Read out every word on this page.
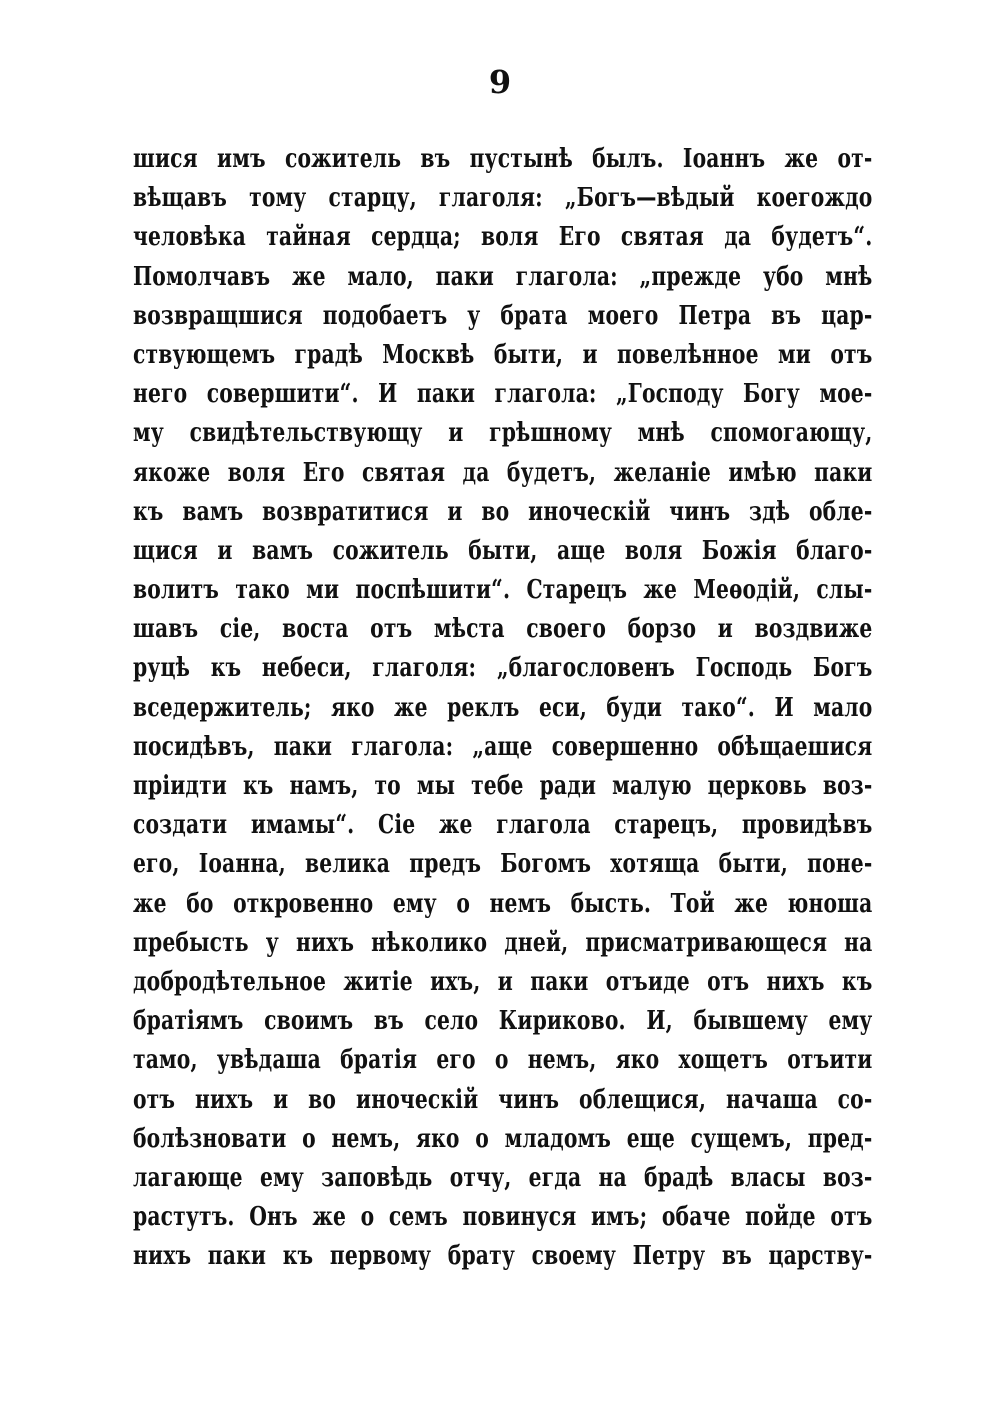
9
шися имъ сожитель въ пустынѣ былъ. Іоаннъ же от-
вѣщавъ тому старцу, глаголя: „Богъ—вѣдый коегождо
человѣка тайная сердца; воля Его святая да будетъ“.
Помолчавъ же мало, паки глагола: „прежде убо мнѣ
возвращшися подобаетъ у брата моего Петра въ цар-
ствующемъ градѣ Москвѣ быти, и повелѣнное ми отъ
него совершити“. И паки глагола: „Господу Богу мое-
му свидѣтельствующу и грѣшному мнѣ спомогающу,
якоже воля Его святая да будетъ, желаніе имѣю паки
къ вамъ возвратитися и во иноческій чинъ здѣ обле-
щися и вамъ сожитель быти, аще воля Божія благо-
волитъ тако ми поспѣшити“. Старецъ же Меѳодій, слы-
шавъ сіе, воста отъ мѣста своего борзо и воздвиже
руцѣ къ небеси, глаголя: „благословенъ Господь Богъ
вседержитель; яко же реклъ еси, буди тако“. И мало
посидѣвъ, паки глагола: „аще совершенно обѣщаешися
пріидти къ намъ, то мы тебе ради малую церковь воз-
создати имамы“. Сіе же глагола старецъ, провидѣвъ
его, Іоанна, велика предъ Богомъ хотяща быти, поне-
же бо откровенно ему о немъ бысть. Той же юноша
пребысть у нихъ нѣколико дней, присматривающеся на
добродѣтельное житіе ихъ, и паки отъиде отъ нихъ къ
братіямъ своимъ въ село Кириково. И, бывшему ему
тамо, увѣдаша братія его о немъ, яко хощетъ отъити
отъ нихъ и во иноческій чинъ облещися, начаша со-
болѣзновати о немъ, яко о младомъ еще сущемъ, пред-
лагающе ему заповѣдь отчу, егда на брадѣ власы воз-
растутъ. Онъ же о семъ повинуся имъ; обаче пойде отъ
нихъ паки къ первому брату своему Петру въ царству-
